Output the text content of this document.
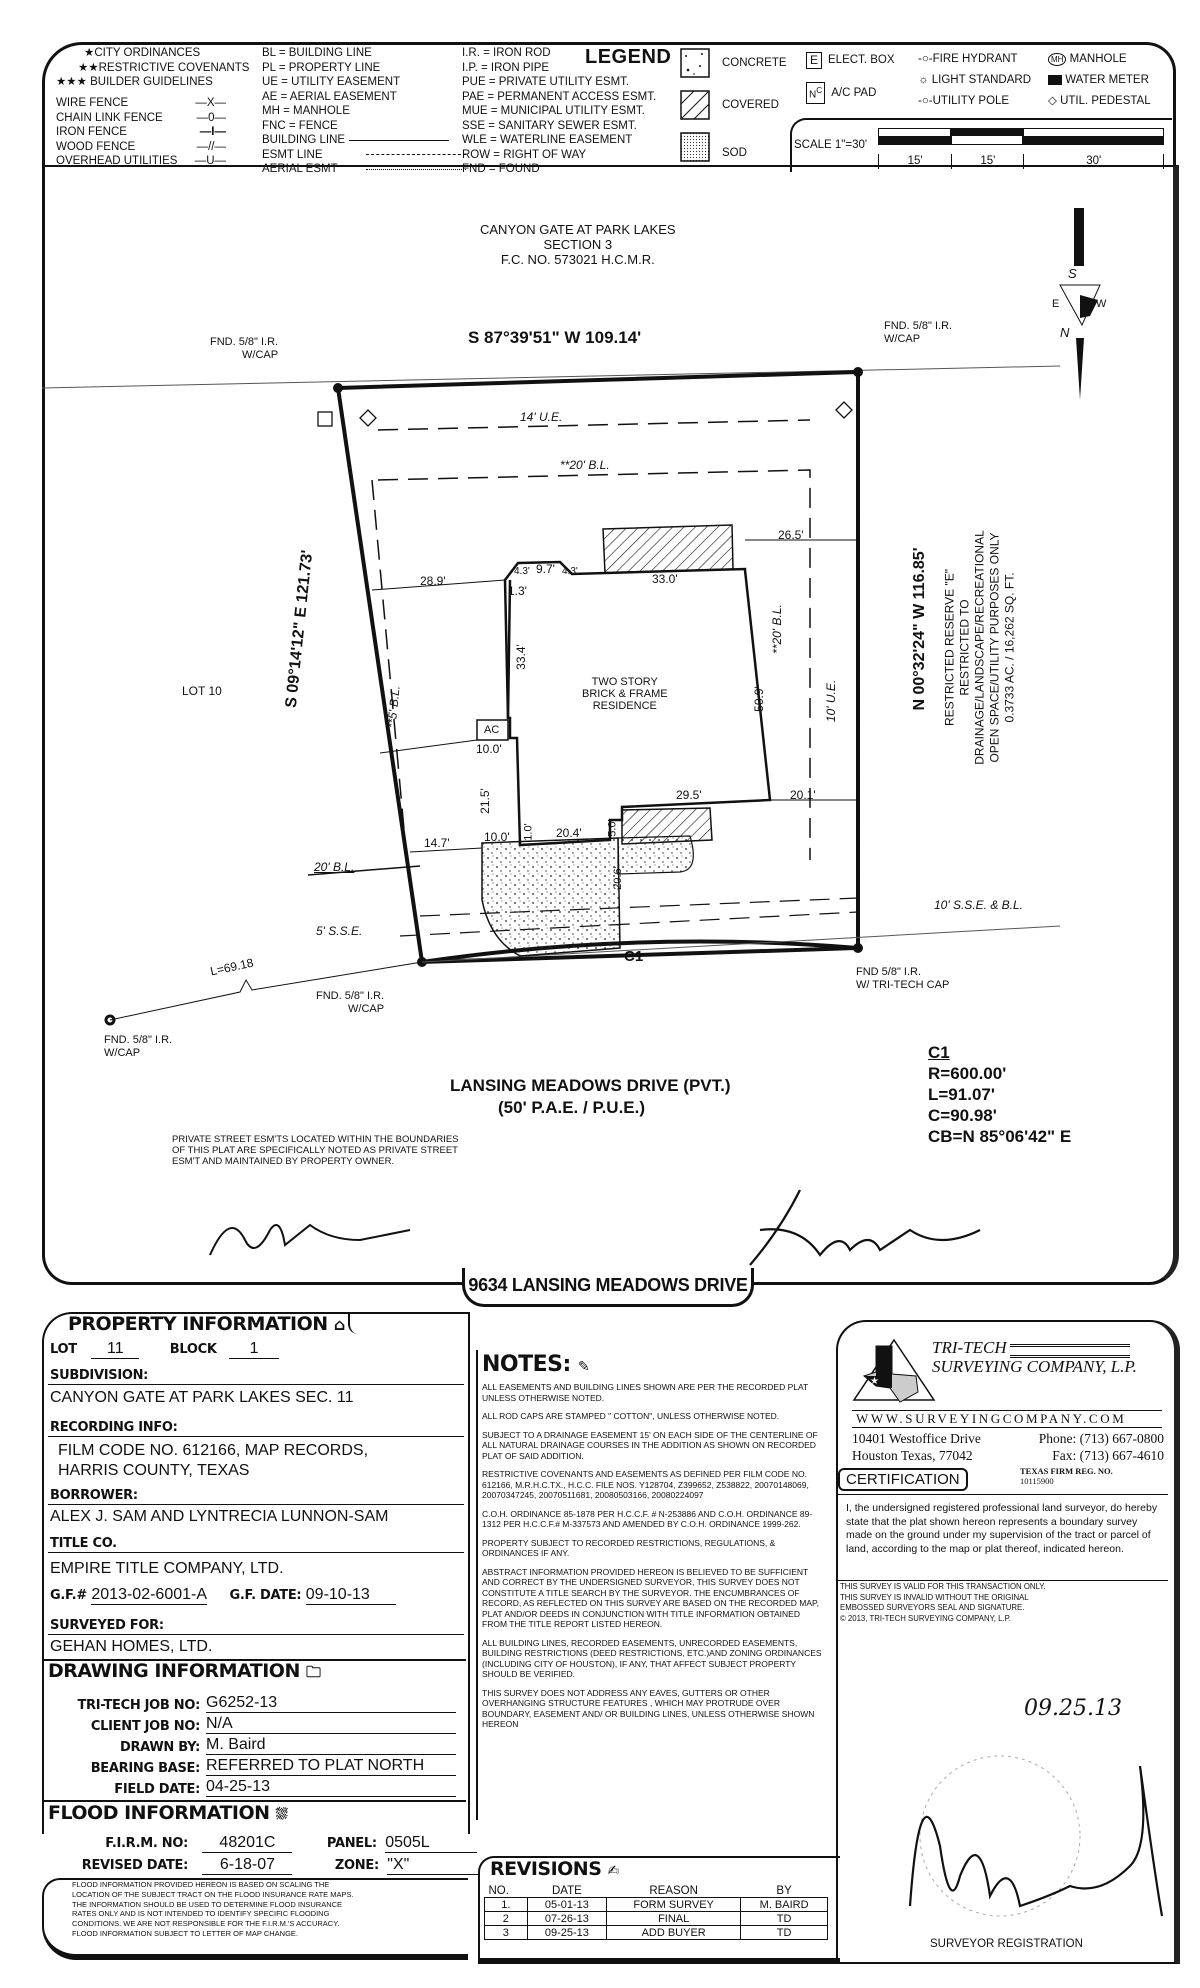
★CITY ORDINANCES
★★RESTRICTIVE COVENANTS
★★★ BUILDER GUIDELINES
WIRE FENCE	—X—
CHAIN LINK FENCE	—0—
IRON FENCE	—I—
WOOD FENCE	—//—
OVERHEAD UTILITIES —U—
BL = BUILDING LINE
PL = PROPERTY LINE
UE = UTILITY EASEMENT
AE = AERIAL EASEMENT
MH = MANHOLE
FNC = FENCE
BUILDING LINE
ESMT LINE
AERIAL ESMT
I.R. = IRON ROD
I.P. = IRON PIPE
PUE = PRIVATE UTILITY ESMT.
PAE = PERMANENT ACCESS ESMT.
MUE = MUNICIPAL UTILITY ESMT.
SSE = SANITARY SEWER ESMT.
WLE = WATERLINE EASEMENT
ROW = RIGHT OF WAY
FND = FOUND
LEGEND	CONCRETE
COVERED
SOD
E ELECT. BOX
$N^C$ A/C PAD
-○-FIRE HYDRANT
☼ LIGHT STANDARD
-○-UTILITY POLE
MH MANHOLE
WATER METER
◇ UTIL. PEDESTAL
SCALE 1"=30'
15'	15'	30'
CANYON GATE AT PARK LAKES
SECTION 3
F.C. NO. 573021 H.C.M.R.
S 87°39'51" W 109.14'
FND. 5/8" I.R.
W/CAP
FND. 5/8" I.R.
W/CAP
S 09°14'12" E 121.73'	N 00°32'24" W 116.85' RESTRICTED RESERVE "E" RESTRICTED TO DRAINAGE/LANDSCAPE/RECREATIONAL OPEN SPACE/UTILITY PURPOSES ONLY 0.3733 AC. / 16,262 SQ. FT.
LOT 10
TWO STORY
BRICK & FRAME
RESIDENCE
AC
14' U.E.
**20' B.L.
**5' B.L.
**20' B.L.
10' U.E.
20' B.L.
5' S.S.E.
10' S.S.E. & B.L.
28.9'
4.3' 9.7' 4.3'
33.0'
1.3'
33.4'
50.9'
26.5'
10.0'
21.5'
14.7'	10.0' 1.0' 20.4' 5.0'
29.5'	20.1'
20.6'
L=69.18	C1
FND. 5/8" I.R.
W/CAP
FND 5/8" I.R.
W/ TRI-TECH CAP
FND. 5/8" I.R.
W/CAP
LANSING MEADOWS DRIVE (PVT.)
(50' P.A.E. / P.U.E.)
PRIVATE STREET ESM'TS LOCATED WITHIN THE BOUNDARIES
OF THIS PLAT ARE SPECIFICALLY NOTED AS PRIVATE STREET
ESM'T AND MAINTAINED BY PROPERTY OWNER.
C1
R=600.00'
L=91.07'
C=90.98'
CB=N 85°06'42" E
S
N
E	W
9634 LANSING MEADOWS DRIVE
PROPERTY INFORMATION ⌂
LOT 11	BLOCK 1
SUBDIVISION:
CANYON GATE AT PARK LAKES SEC. 11
RECORDING INFO:
FILM CODE NO. 612166, MAP RECORDS,
HARRIS COUNTY, TEXAS
BORROWER:
ALEX J. SAM AND LYNTRECIA LUNNON-SAM
TITLE CO.
EMPIRE TITLE COMPANY, LTD.
G.F.# 2013-02-6001-A G.F. DATE: 09-10-13
SURVEYED FOR:
GEHAN HOMES, LTD.
DRAWING INFORMATION 🗀
TRI-TECH JOB NO: G6252-13
CLIENT JOB NO: N/A
DRAWN BY: M. Baird
BEARING BASE: REFERRED TO PLAT NORTH
FIELD DATE: 04-25-13
FLOOD INFORMATION ⛆
F.I.R.M. NO: 48201C	PANEL: 0505L
REVISED DATE: 6-18-07	ZONE: "X"
FLOOD INFORMATION PROVIDED HEREON IS BASED ON SCALING THE
LOCATION OF THE SUBJECT TRACT ON THE FLOOD INSURANCE RATE MAPS.
THE INFORMATION SHOULD BE USED TO DETERMINE FLOOD INSURANCE
RATES ONLY AND IS NOT INTENDED TO IDENTIFY SPECIFIC FLOODING
CONDITIONS. WE ARE NOT RESPONSIBLE FOR THE F.I.R.M.'S ACCURACY.
FLOOD INFORMATION SUBJECT TO LETTER OF MAP CHANGE.
NOTES: ✎

ALL EASEMENTS AND BUILDING LINES SHOWN ARE PER THE RECORDED PLAT UNLESS OTHERWISE NOTED.

ALL ROD CAPS ARE STAMPED " COTTON", UNLESS OTHERWISE NOTED.

SUBJECT TO A DRAINAGE EASEMENT 15' ON EACH SIDE OF THE CENTERLINE OF ALL NATURAL DRAINAGE COURSES IN THE ADDITION AS SHOWN ON RECORDED PLAT OF SAID ADDITION.

RESTRICTIVE COVENANTS AND EASEMENTS AS DEFINED PER FILM CODE NO. 612166, M.R.H.C.TX., H.C.C. FILE NOS. Y128704, Z399652, Z538822, 20070148069, 20070347245, 20070511681, 20080503166, 20080224097

C.O.H. ORDINANCE 85-1878 PER H.C.C.F. # N-253886 AND C.O.H. ORDINANCE 89-1312 PER H.C.C.F.# M-337573 AND AMENDED BY C.O.H. ORDINANCE 1999-262.

PROPERTY SUBJECT TO RECORDED RESTRICTIONS, REGULATIONS, & ORDINANCES IF ANY.

ABSTRACT INFORMATION PROVIDED HEREON IS BELIEVED TO BE SUFFICIENT AND CORRECT BY THE UNDERSIGNED SURVEYOR, THIS SURVEY DOES NOT CONSTITUTE A TITLE SEARCH BY THE SURVEYOR. THE ENCUMBRANCES OF RECORD, AS REFLECTED ON THIS SURVEY ARE BASED ON THE RECORDED MAP, PLAT AND/OR DEEDS IN CONJUNCTION WITH TITLE INFORMATION OBTAINED FROM THE TITLE REPORT LISTED HEREON.

ALL BUILDING LINES, RECORDED EASEMENTS, UNRECORDED EASEMENTS, BUILDING RESTRICTIONS (DEED RESTRICTIONS, ETC.)AND ZONING ORDINANCES (INCLUDING CITY OF HOUSTON), IF ANY, THAT AFFECT SUBJECT PROPERTY SHOULD BE VERIFIED.

THIS SURVEY DOES NOT ADDRESS ANY EAVES, GUTTERS OR OTHER OVERHANGING STRUCTURE FEATURES , WHICH MAY PROTRUDE OVER BOUNDARY, EASEMENT AND/ OR BUILDING LINES, UNLESS OTHERWISE SHOWN HEREON

REVISIONS ✍
NO.	DATE	REASON	BY
1.	05-01-13	FORM SURVEY	M. BAIRD
2	07-26-13	FINAL	TD
3	09-25-13	ADD BUYER	TD
★
TRI-TECH
SURVEYING COMPANY, L.P.
WWW.SURVEYINGCOMPANY.COM
10401 Westoffice Drive
Houston Texas, 77042
Phone: (713) 667-0800
Fax: (713) 667-4610
TEXAS FIRM REG. NO.
10115900
CERTIFICATION
I, the undersigned registered professional land surveyor, do hereby state that the plat shown hereon represents a boundary survey made on the ground under my supervision of the tract or parcel of land, according to the map or plat thereof, indicated hereon.
THIS SURVEY IS VALID FOR THIS TRANSACTION ONLY.
THIS SURVEY IS INVALID WITHOUT THE ORIGINAL
EMBOSSED SURVEYORS SEAL AND SIGNATURE.
© 2013, TRI-TECH SURVEYING COMPANY, L.P.
09.25.13
SURVEYOR REGISTRATION
